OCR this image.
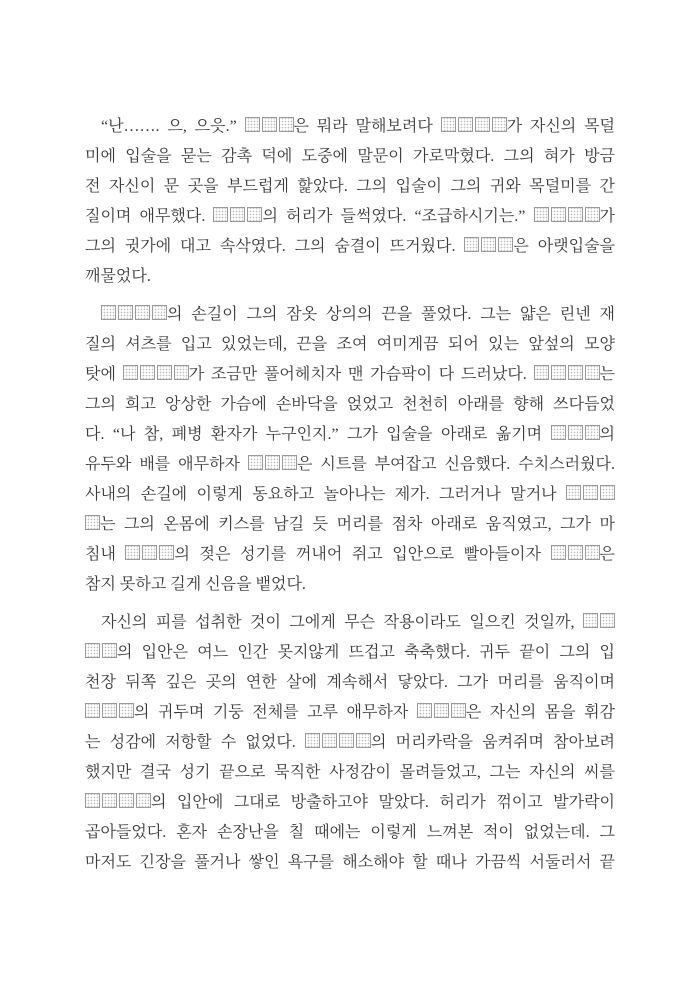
“난……. 으, 으읏.”	은 뭐라 말해보려다	가 자신의 목덜
미에 입술을 묻는 감촉 덕에 도중에 말문이 가로막혔다. 그의 혀가 방금
전 자신이 문 곳을 부드럽게 핥았다. 그의 입술이 그의 귀와 목덜미를 간
질이며 애무했다.	의 허리가 들썩였다. “조급하시기는.”	가
그의 귓가에 대고 속삭였다. 그의 숨결이 뜨거웠다.	은 아랫입술을
깨물었다.
의 손길이 그의 잠옷 상의의 끈을 풀었다. 그는 얇은 린넨 재
질의 셔츠를 입고 있었는데, 끈을 조여 여미게끔 되어 있는 앞섶의 모양
탓에	가 조금만 풀어헤치자 맨 가슴팍이 다 드러났다.	는
그의 희고 앙상한 가슴에 손바닥을 얹었고 천천히 아래를 향해 쓰다듬었
다. “나 참, 폐병 환자가 누구인지.” 그가 입술을 아래로 옮기며	의
유두와 배를 애무하자	은 시트를 부여잡고 신음했다. 수치스러웠다.
사내의 손길에 이렇게 동요하고 놀아나는 제가. 그러거나 말거나
는 그의 온몸에 키스를 남길 듯 머리를 점차 아래로 움직였고, 그가 마
침내	의 젖은 성기를 꺼내어 쥐고 입안으로 빨아들이자	은
참지 못하고 길게 신음을 뱉었다.
자신의 피를 섭취한 것이 그에게 무슨 작용이라도 일으킨 것일까,
의 입안은 여느 인간 못지않게 뜨겁고 축축했다. 귀두 끝이 그의 입
천장 뒤쪽 깊은 곳의 연한 살에 계속해서 닿았다. 그가 머리를 움직이며
의 귀두며 기둥 전체를 고루 애무하자	은 자신의 몸을 휘감
는 성감에 저항할 수 없었다.	의 머리카락을 움켜쥐며 참아보려
했지만 결국 성기 끝으로 묵직한 사정감이 몰려들었고, 그는 자신의 씨를
의 입안에 그대로 방출하고야 말았다. 허리가 꺾이고 발가락이
곱아들었다. 혼자 손장난을 칠 때에는 이렇게 느껴본 적이 없었는데. 그
마저도 긴장을 풀거나 쌓인 욕구를 해소해야 할 때나 가끔씩 서둘러서 끝
